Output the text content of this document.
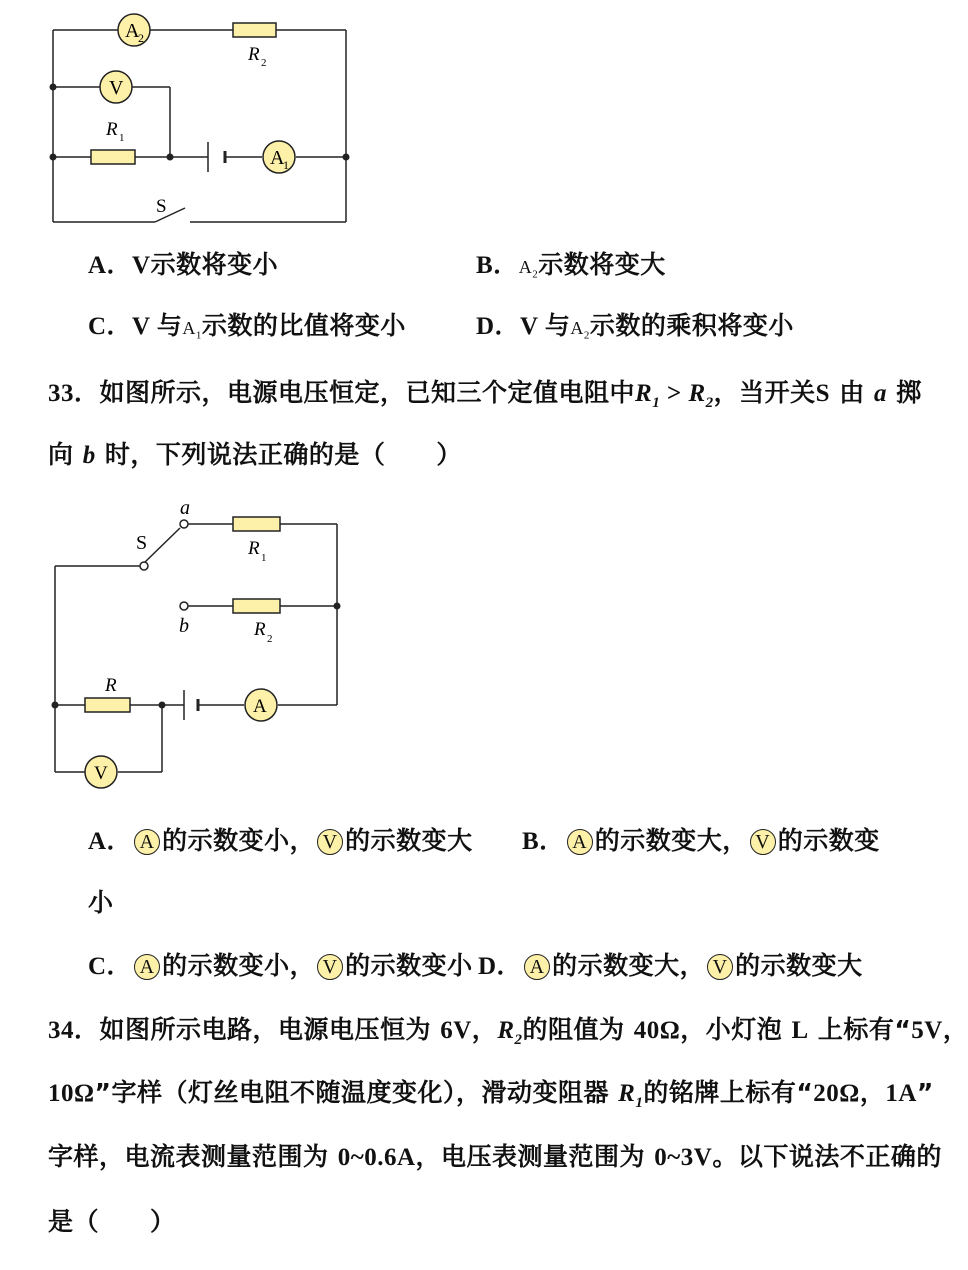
A
2
V
A
1
R 2
R 1
S
A．V示数将变小	B．$A_2$示数将变大
C．V 与$A_1$示数的比值将变小	D．V 与$A_2$示数的乘积将变小
33．如图所示，电源电压恒定，已知三个定值电阻中$R_1 > R_2$，当开关S 由 a 掷
向 b 时，下列说法正确的是（　　）
A
V
S
a
R 1
b	R 2
R
A． A 的示数变小， V 的示数变大 B． A 的示数变大， V 的示数变
小
C． A 的示数变小， V 的示数变小 D． A 的示数变大， V 的示数变大
34．如图所示电路，电源电压恒为 6V，$R_2$的阻值为 40Ω，小灯泡 L 上标有“5V，
10Ω”字样（灯丝电阻不随温度变化），滑动变阻器 $R_1$的铭牌上标有“20Ω，1A”
字样，电流表测量范围为 0~0.6A，电压表测量范围为 0~3V。以下说法不正确的
是（　　）
